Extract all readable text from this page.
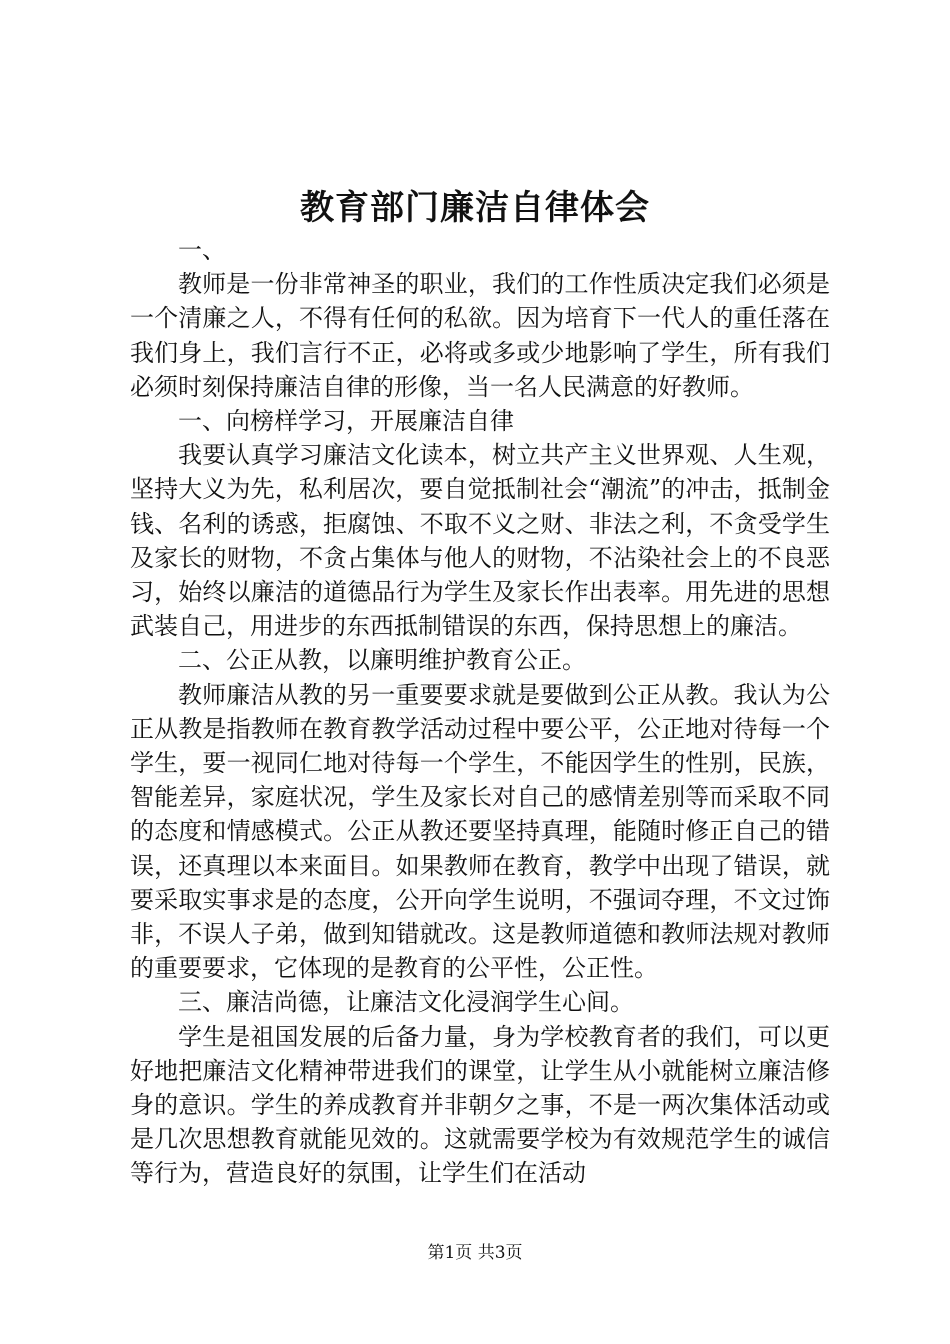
教育部门廉洁自律体会

一、

教师是一份非常神圣的职业，我们的工作性质决定我们必须是一个清廉之人，不得有任何的私欲。因为培育下一代人的重任落在我们身上，我们言行不正，必将或多或少地影响了学生，所有我们必须时刻保持廉洁自律的形像，当一名人民满意的好教师。

一、向榜样学习，开展廉洁自律

我要认真学习廉洁文化读本，树立共产主义世界观、人生观，坚持大义为先，私利居次，要自觉抵制社会“潮流”的冲击，抵制金钱、名利的诱惑，拒腐蚀、不取不义之财、非法之利，不贪受学生及家长的财物，不贪占集体与他人的财物，不沾染社会上的不良恶习，始终以廉洁的道德品行为学生及家长作出表率。用先进的思想武装自己，用进步的东西抵制错误的东西，保持思想上的廉洁。

二、公正从教，以廉明维护教育公正。

教师廉洁从教的另一重要要求就是要做到公正从教。我认为公正从教是指教师在教育教学活动过程中要公平，公正地对待每一个学生，要一视同仁地对待每一个学生，不能因学生的性别，民族，智能差异，家庭状况，学生及家长对自己的感情差别等而采取不同的态度和情感模式。公正从教还要坚持真理，能随时修正自己的错误，还真理以本来面目。如果教师在教育，教学中出现了错误，就要采取实事求是的态度，公开向学生说明，不强词夺理，不文过饰非，不误人子弟，做到知错就改。这是教师道德和教师法规对教师的重要要求，它体现的是教育的公平性，公正性。

三、廉洁尚德，让廉洁文化浸润学生心间。

学生是祖国发展的后备力量，身为学校教育者的我们，可以更好地把廉洁文化精神带进我们的课堂，让学生从小就能树立廉洁修身的意识。学生的养成教育并非朝夕之事，不是一两次集体活动或是几次思想教育就能见效的。这就需要学校为有效规范学生的诚信等行为，营造良好的氛围，让学生们在活动

第1页 共3页
